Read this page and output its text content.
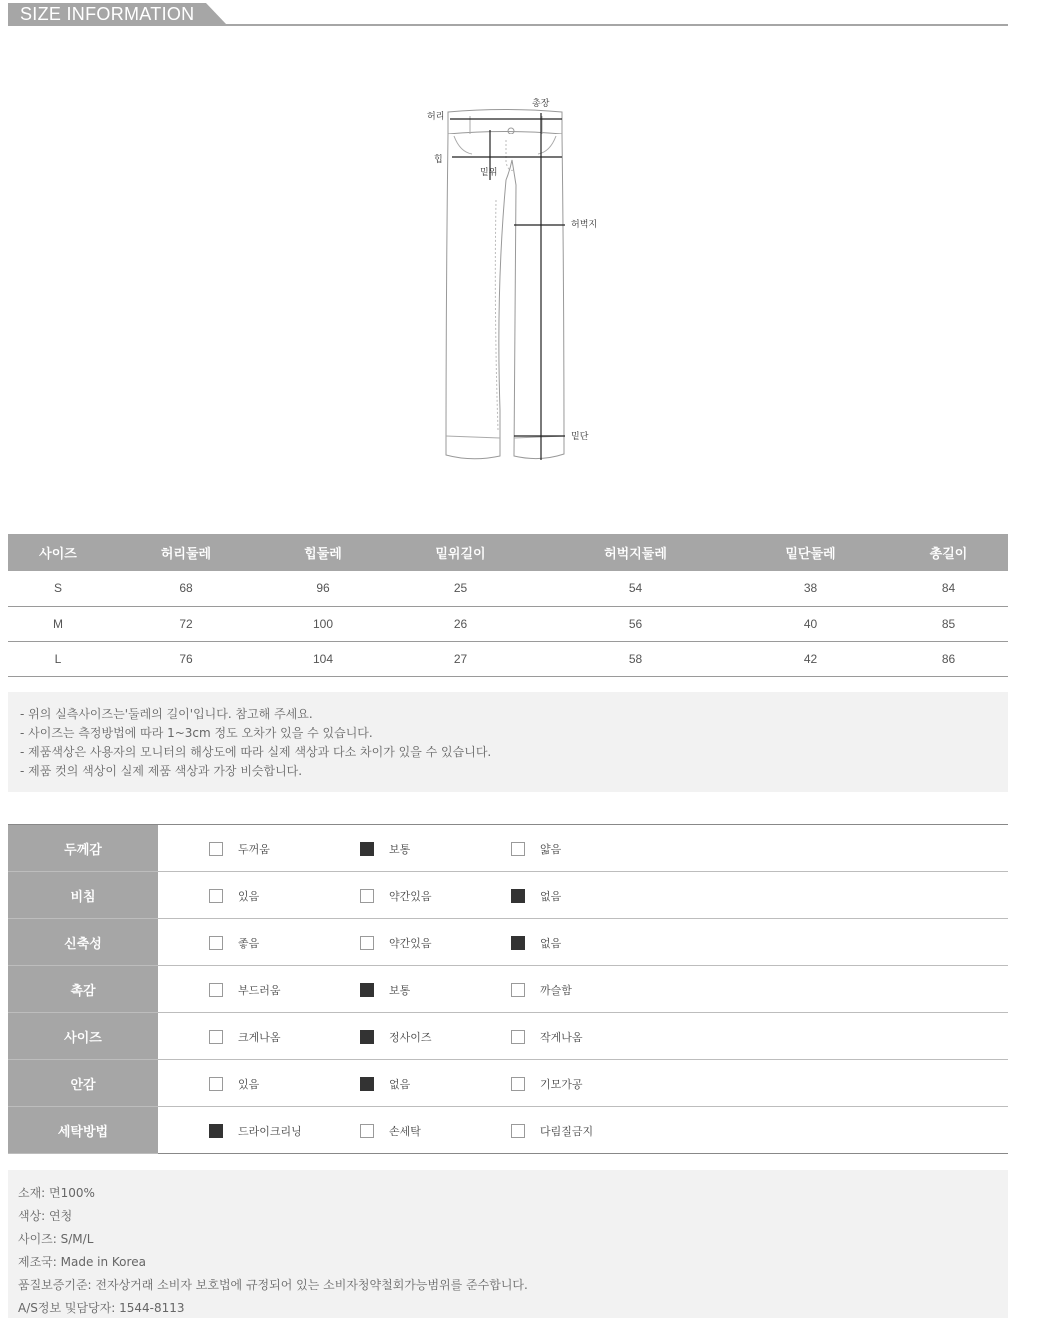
SIZE INFORMATION
허리
총장
힙
밑위
허벅지
밑단
사이즈	허리둘레	힙둘레	밑위길이	허벅지둘레	밑단둘레	총길이
S	68	96	25	54	38	84
M	72	100	26	56	40	85
L	76	104	27	58	42	86

- 위의 실측사이즈는'둘레의 길이'입니다. 참고해 주세요.

- 사이즈는 측정방법에 따라 1~3cm 정도 오차가 있을 수 있습니다.

- 제품색상은 사용자의 모니터의 해상도에 따라 실제 색상과 다소 차이가 있을 수 있습니다.

- 제품 컷의 색상이 실제 제품 색상과 가장 비슷합니다.

두께감	두꺼움	보통	얇음
비침	있음	약간있음	없음
신축성	좋음	약간있음	없음
촉감	부드러움	보통	까슬함
사이즈	크게나옴	정사이즈	작게나옴
안감	있음	없음	기모가공
세탁방법	드라이크리닝	손세탁	다림질금지

소재: 면100%

색상: 연청

사이즈: S/M/L

제조국: Made in Korea

품질보증기준: 전자상거래 소비자 보호법에 규정되어 있는 소비자청약철회가능범위를 준수합니다.

A/S정보 및담당자: 1544-8113
